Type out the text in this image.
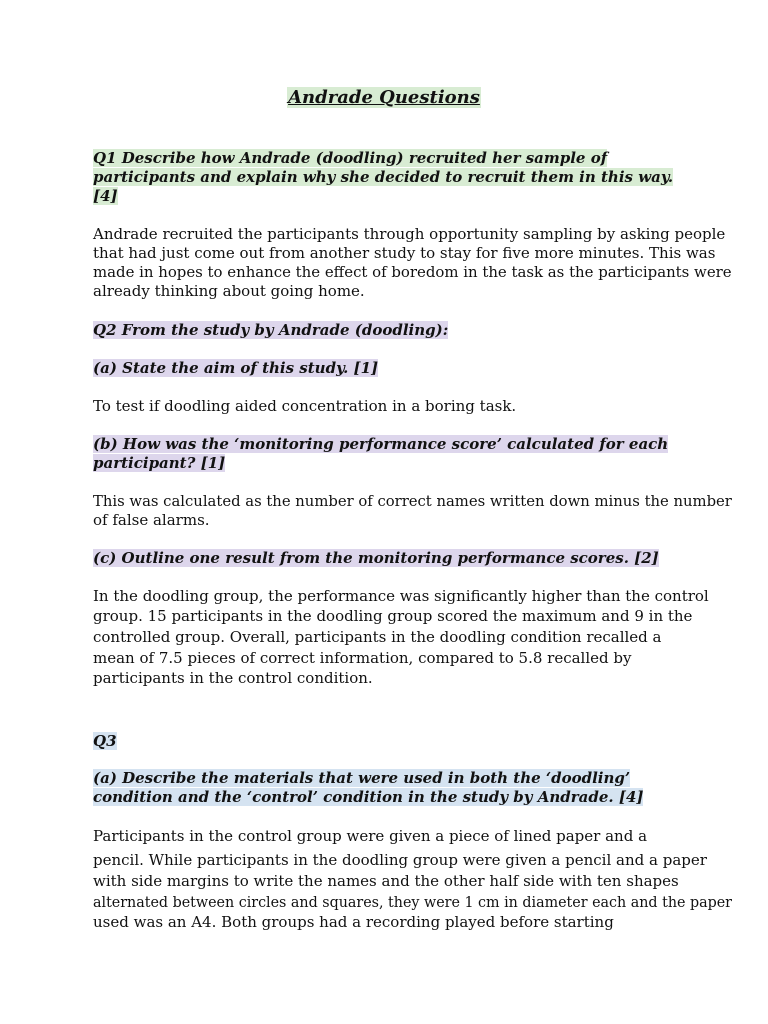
Andrade Questions
Q1 Describe how Andrade (doodling) recruited her sample of
participants and explain why she decided to recruit them in this way.
[4]
Andrade recruited the participants through opportunity sampling by asking people
that had just come out from another study to stay for five more minutes. This was
made in hopes to enhance the effect of boredom in the task as the participants were
already thinking about going home.
Q2 From the study by Andrade (doodling):
(a) State the aim of this study. [1]
To test if doodling aided concentration in a boring task.
(b) How was the ‘monitoring performance score’ calculated for each
participant? [1]
This was calculated as the number of correct names written down minus the number
of false alarms.
(c) Outline one result from the monitoring performance scores. [2]
In the doodling group, the performance was significantly higher than the control
group. 15 participants in the doodling group scored the maximum and 9 in the
controlled group. Overall, participants in the doodling condition recalled a
mean of 7.5 pieces of correct information, compared to 5.8 recalled by
participants in the control condition.
Q3
(a) Describe the materials that were used in both the ‘doodling’
condition and the ‘control’ condition in the study by Andrade. [4]
Participants in the control group were given a piece of lined paper and a
pencil. While participants in the doodling group were given a pencil and a paper
with side margins to write the names and the other half side with ten shapes
alternated between circles and squares, they were 1 cm in diameter each and the paper
used was an A4. Both groups had a recording played before starting
